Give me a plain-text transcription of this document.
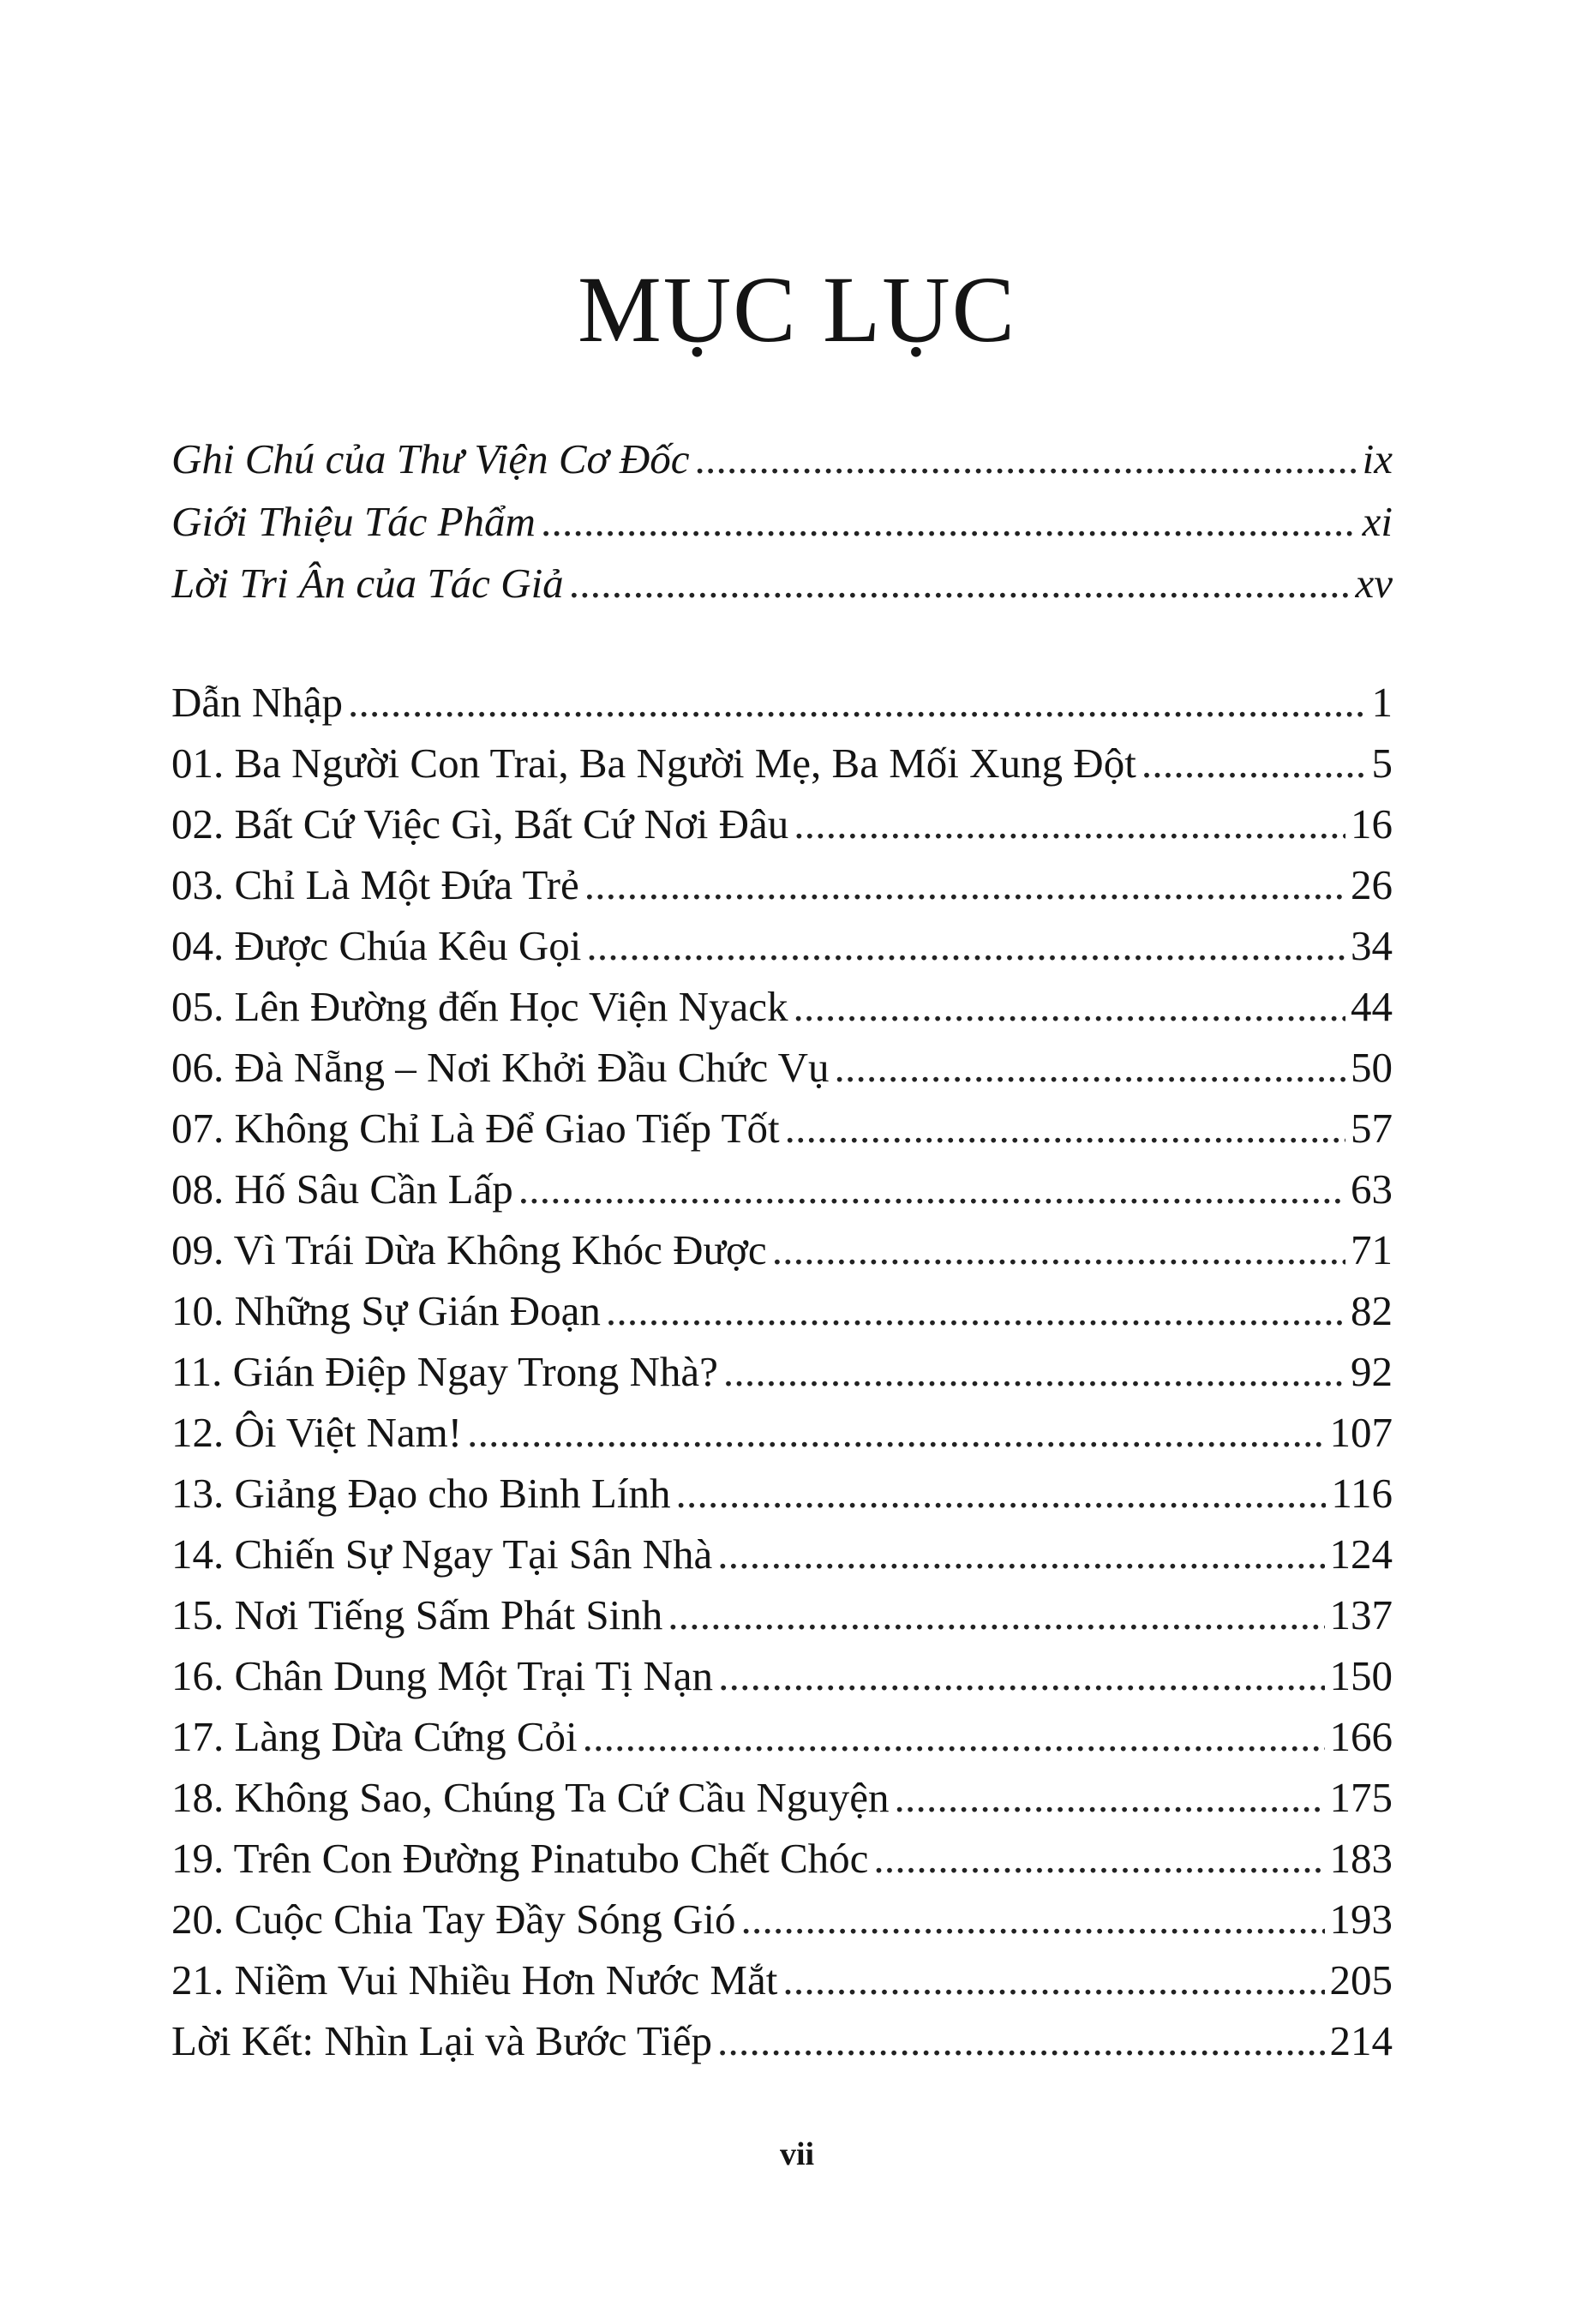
MỤC LỤC
Ghi Chú của Thư Viện Cơ Đốc . . .	ix
Giới Thiệu Tác Phẩm . . .	xi
Lời Tri Ân của Tác Giả . . .	xv
Dẫn Nhập . . .	1
01. Ba Người Con Trai, Ba Người Mẹ, Ba Mối Xung Đột . . .	5
02. Bất Cứ Việc Gì, Bất Cứ Nơi Đâu . . .	16
03. Chỉ Là Một Đứa Trẻ . . .	26
04. Được Chúa Kêu Gọi . . .	34
05. Lên Đường đến Học Viện Nyack . . .	44
06. Đà Nẵng – Nơi Khởi Đầu Chức Vụ . . .	50
07. Không Chỉ Là Để Giao Tiếp Tốt . . .	57
08. Hố Sâu Cần Lấp . . .	63
09. Vì Trái Dừa Không Khóc Được . . .	71
10. Những Sự Gián Đoạn . . .	82
11. Gián Điệp Ngay Trong Nhà? . . .	92
12. Ôi Việt Nam! . . .	107
13. Giảng Đạo cho Binh Lính . . .	116
14. Chiến Sự Ngay Tại Sân Nhà . . .	124
15. Nơi Tiếng Sấm Phát Sinh . . .	137
16. Chân Dung Một Trại Tị Nạn . . .	150
17. Làng Dừa Cứng Cỏi . . .	166
18. Không Sao, Chúng Ta Cứ Cầu Nguyện . . .	175
19. Trên Con Đường Pinatubo Chết Chóc . . .	183
20. Cuộc Chia Tay Đầy Sóng Gió . . .	193
21. Niềm Vui Nhiều Hơn Nước Mắt . . .	205
Lời Kết: Nhìn Lại và Bước Tiếp . . .	214
vii
